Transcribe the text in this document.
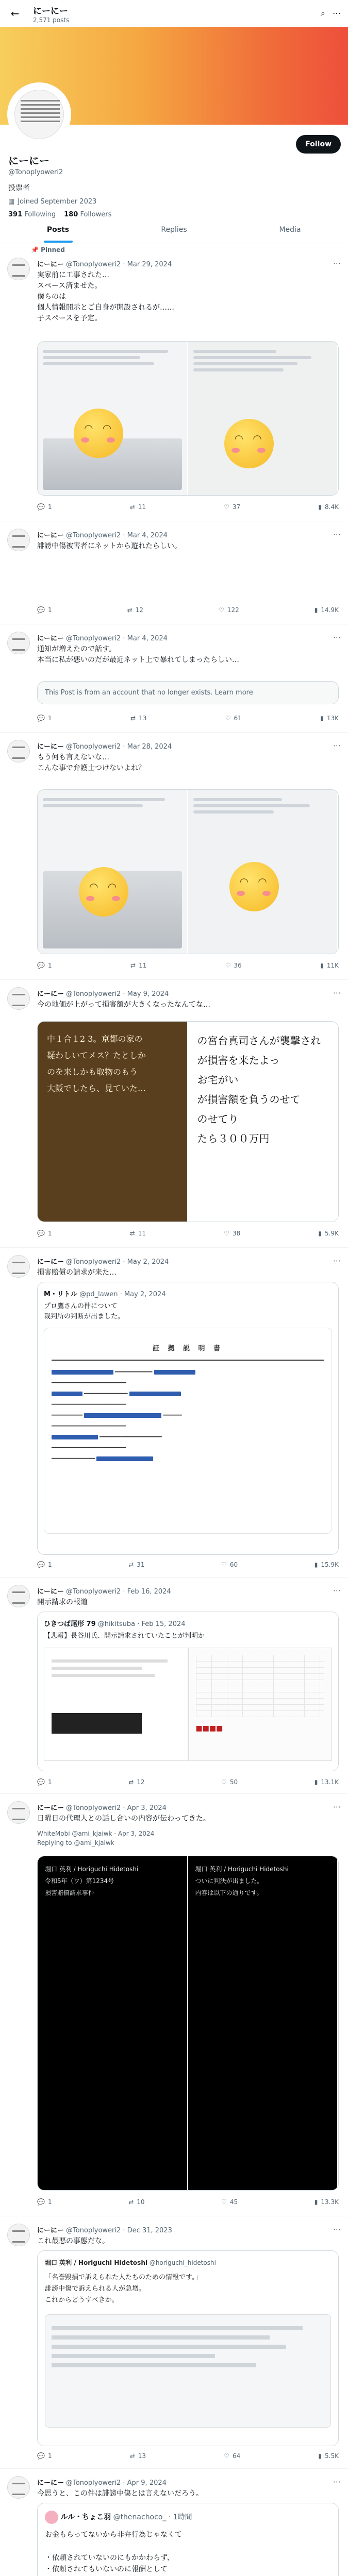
←	にーにー
2,571 posts
⌕ ⋯
Follow
にーにー
@Tonoplyoweri2
投票者
▦ Joined September 2023
391 Following 180 Followers
Posts	Replies	Media
📌 Pinned
にーにー @Tonoplyoweri2 · Mar 29, 2024	⋯
実家前に工事された…
スペース済ませた。
僕らのは
個人情報開示とご自身が開設されるが……
子スペースを予定。
◠ ◠
◠ ◠
💬 1	⇄ 11	♡ 37	▮ 8.4K
にーにー @Tonoplyoweri2 · Mar 4, 2024	⋯
誹謗中傷被害者にネットから遊れたらしい。
💬 1	⇄ 12	♡ 122	▮ 14.9K
にーにー @Tonoplyoweri2 · Mar 4, 2024	⋯
通知が増えたので話す。
本当に私が悪いのだが最近ネット上で暴れてしまったらしい…
This Post is from an account that no longer exists. Learn more
💬 1	⇄ 13	♡ 61	▮ 13K
にーにー @Tonoplyoweri2 · Mar 28, 2024	⋯
もう何も言えないな…
こんな事で弁護士つけないよね？
◠ ◠
◠ ◠
💬 1	⇄ 11	♡ 36	▮ 11K
にーにー @Tonoplyoweri2 · May 9, 2024	⋯
今の地価が上がって損害額が大きくなったなんてな…
中１合１2 3。京都の家の
疑わしいてメス？たとしか
のを来しかも取物のもう
大阪でしたら、見ていた…
の宮台真司さんが襲撃され
が損害を来たよっ
お宅がい
が損害額を負うのせて
のせてり
たら３００万円
💬 1	⇄ 11	♡ 38	▮ 5.9K
にーにー @Tonoplyoweri2 · May 2, 2024	⋯
損害賠償の請求が来た…
M・リトル @pd_lawen · May 2, 2024
プロ鷹さんの件について
裁判所の判断が出ました。
証 拠 説 明 書
━━━━━━━━━━━━
━━━━━━━━━━━━━━━━━━━━━━━━
━━━━━━━━━━━━━━
━━━━━━━━━━━━━━━━━━━━━━━━
━━━━━━━━━━	━━━━━━
━━━━━━━━━━━━━━━━━━━━━━━━
━━━━━━━━━━━━━━━━━━━━
━━━━━━━━━━━━━━━━━━━━━━━━
━━━━━━━━━━━━━━

💬 1	⇄ 31	♡ 60	▮ 15.9K
にーにー @Tonoplyoweri2 · Feb 16, 2024	⋯
開示請求の報道
ひきつば尾形 79 @hikitsuba · Feb 15, 2024
【悲報】長谷川氏、開示請求されていたことが判明か
■■■■
💬 1	⇄ 12	♡ 50	▮ 13.1K
にーにー @Tonoplyoweri2 · Apr 3, 2024	⋯
日曜日の代理人との話し合いの内容が伝わってきた。
WhiteMobi @ami_kjaiwk · Apr 3, 2024
Replying to @ami_kjaiwk
堀口 英利 / Horiguchi Hidetoshi
令和5年（ワ）第1234号
損害賠償請求事件
堀口 英利 / Horiguchi Hidetoshi
ついに判決が出ました。
内容は以下の通りです。
💬 1	⇄ 10	♡ 45	▮ 13.3K
にーにー @Tonoplyoweri2 · Dec 31, 2023	⋯
これ最悪の事態だな。
堀口 英利 / Horiguchi Hidetoshi @horiguchi_hidetoshi
「名誉毀損で訴えられた人たちのための情報です。」
誹謗中傷で訴えられる人が急増。
これからどうすべきか。
💬 1	⇄ 13	♡ 64	▮ 5.5K
にーにー @Tonoplyoweri2 · Apr 9, 2024	⋯
今思うと、この件は誹謗中傷とは言えないだろう。
ルル・ちょこ羽 @thenachoco_ · 1時間
お金もらってないから非弁行為じゃなくて

・依頼されていないのにもかかわらず、
・依頼されてもいないのに報酬として
